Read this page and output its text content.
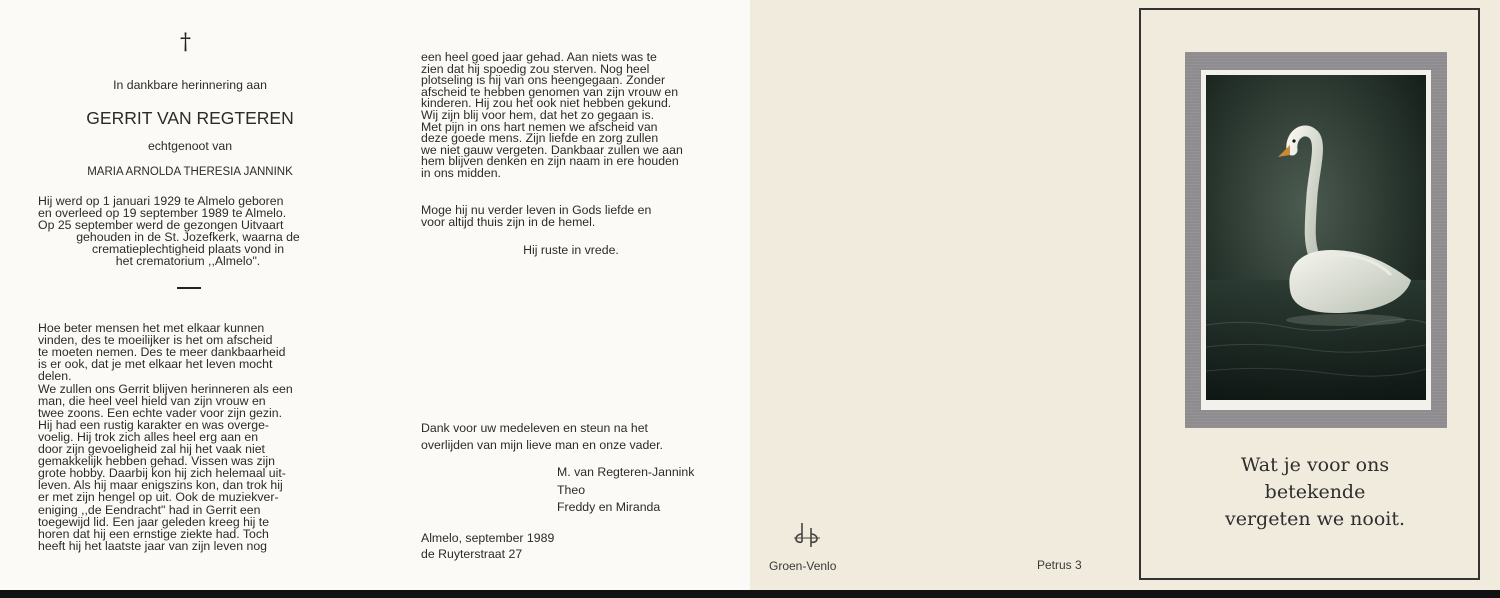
†
In dankbare herinnering aan
GERRIT VAN REGTEREN
echtgenoot van
MARIA ARNOLDA THERESIA JANNINK
Hij werd op 1 januari 1929 te Almelo geboren
en overleed op 19 september 1989 te Almelo.
Op 25 september werd de gezongen Uitvaart
gehouden in de St. Jozefkerk, waarna de
crematieplechtigheid plaats vond in
het crematorium ,,Almelo".
Hoe beter mensen het met elkaar kunnen
vinden, des te moeilijker is het om afscheid
te moeten nemen. Des te meer dankbaarheid
is er ook, dat je met elkaar het leven mocht
delen.
We zullen ons Gerrit blijven herinneren als een
man, die heel veel hield van zijn vrouw en
twee zoons. Een echte vader voor zijn gezin.
Hij had een rustig karakter en was overge-
voelig. Hij trok zich alles heel erg aan en
door zijn gevoeligheid zal hij het vaak niet
gemakkelijk hebben gehad. Vissen was zijn
grote hobby. Daarbij kon hij zich helemaal uit-
leven. Als hij maar enigszins kon, dan trok hij
er met zijn hengel op uit. Ook de muziekver-
eniging ,,de Eendracht" had in Gerrit een
toegewijd lid. Een jaar geleden kreeg hij te
horen dat hij een ernstige ziekte had. Toch
heeft hij het laatste jaar van zijn leven nog
een heel goed jaar gehad. Aan niets was te
zien dat hij spoedig zou sterven. Nog heel
plotseling is hij van ons heengegaan. Zonder
afscheid te hebben genomen van zijn vrouw en
kinderen. Hij zou het ook niet hebben gekund.
Wij zijn blij voor hem, dat het zo gegaan is.
Met pijn in ons hart nemen we afscheid van
deze goede mens. Zijn liefde en zorg zullen
we niet gauw vergeten. Dankbaar zullen we aan
hem blijven denken en zijn naam in ere houden
in ons midden.
Moge hij nu verder leven in Gods liefde en
voor altijd thuis zijn in de hemel.
Hij ruste in vrede.
Dank voor uw medeleven en steun na het
overlijden van mijn lieve man en onze vader.
M. van Regteren-Jannink
Theo
Freddy en Miranda
Almelo, september 1989
de Ruyterstraat 27
Groen-Venlo	Petrus 3
Wat je voor ons
betekende
vergeten we nooit.
